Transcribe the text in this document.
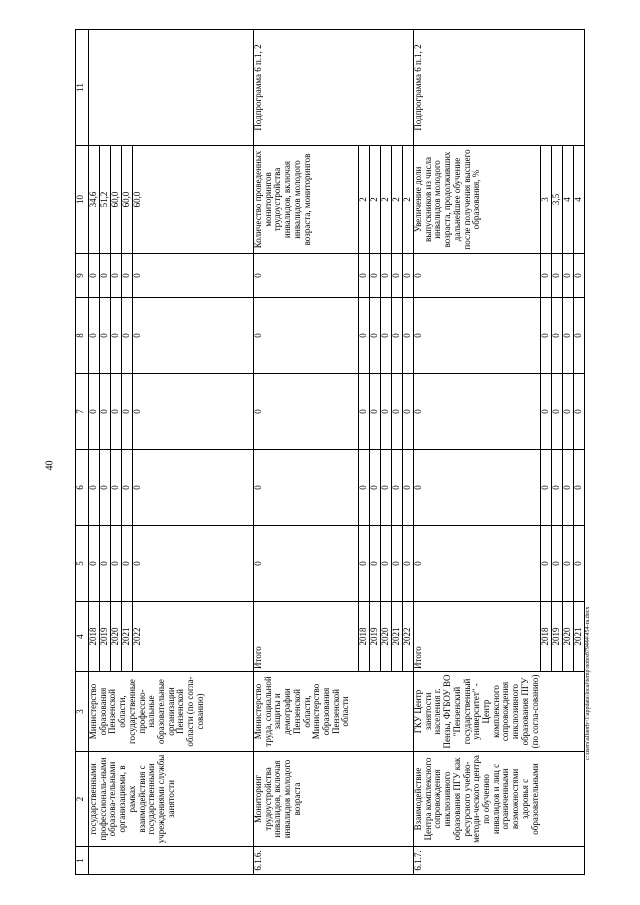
40
1	2	3	4	5	6	7	8	9	10	11
	государственными профессиональ-ными образова-тельными организациями, в рамках взаимодействия с государственными учреждениями службы занятости	Министерство образования Пензенской области, государственные профессио-нальные образовательные организации Пензенской области (по согла-сованию)	2018	0	0	0	0	0	34,6	
			2019	0	0	0	0	0	51,2	
			2020	0	0	0	0	0	60,0	
			2021	0	0	0	0	0	60,0	
			2022	0	0	0	0	0	60,0	
6.1.6.	Мониторинг трудоустройства инвалидов, включая инвалидов молодого возраста	Министерство труда, социальной защиты и демографии Пензенской области, Министерство образования Пензенской области	Итого	0	0	0	0	0	Количество проведенных мониторингов трудоустройства инвалидов, включая инвалидов молодого возраста, мониторингов	Подпрограмма 6 п.1, 2
			2018	0	0	0	0	0	2	
			2019	0	0	0	0	0	2	
			2020	0	0	0	0	0	2	
			2021	0	0	0	0	0	2	
			2022	0	0	0	0	0	2	
6.1.7.	Взаимодействие Центра комплексного сопровождения инклюзивного образования ПГУ как ресурсного учебно-методи-ческого центра по обучению инвалидов и лиц с ограниченными возможностями здоровья с образовательными	ГКУ Центр занятости населения г. Пензы, ФГБОУ ВО "Пензенский государственный университет" - Центр комплексного сопровождения инклюзивного образования ПГУ (по согла-сованию)	Итого	0	0	0	0	0	Увеличение доли выпускников из числа инвалидов молодого возраста, продолживших дальнейшее обучение после получения высшего образования, %	Подпрограмма 6 п.1, 2
			2018	0	0	0	0	0	3	
			2019	0	0	0	0	0	3,5	
			2020	0	0	0	0	0	4	
			2021	0	0	0	0	0	4	
c:\users\alfaorb~1\appdata\local\temp\notes879444\454-ra.docx
